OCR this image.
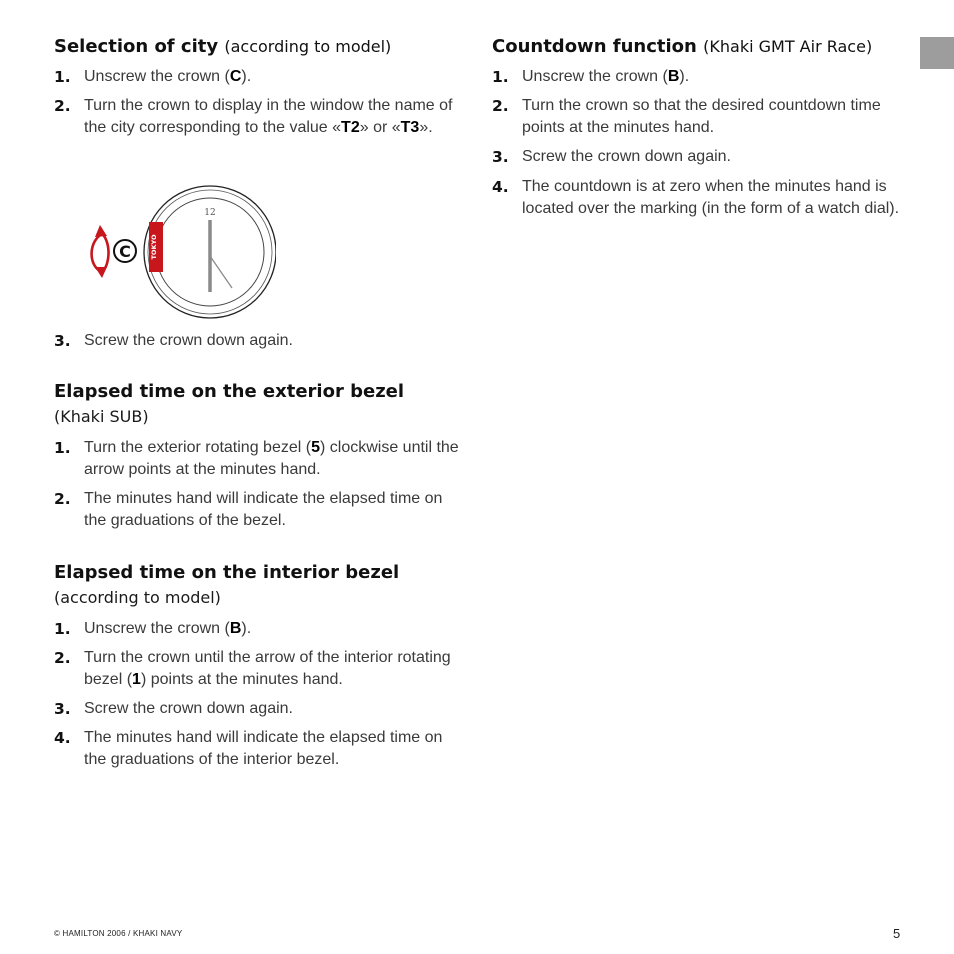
Selection of city (according to model)
1. Unscrew the crown (C).
2. Turn the crown to display in the window the name of the city corresponding to the value «T2» or «T3».
3. Screw the crown down again.
Elapsed time on the exterior bezel
(Khaki SUB)
1. Turn the exterior rotating bezel (5) clockwise until the arrow points at the minutes hand.
2. The minutes hand will indicate the elapsed time on the graduations of the bezel.
Elapsed time on the interior bezel
(according to model)
1. Unscrew the crown (B).
2. Turn the crown until the arrow of the interior rotating bezel (1) points at the minutes hand.
3. Screw the crown down again.
4. The minutes hand will indicate the elapsed time on the graduations of the interior bezel.
C	TOKYO
12
Countdown function (Khaki GMT Air Race)
1. Unscrew the crown (B).
2. Turn the crown so that the desired countdown time points at the minutes hand.
3. Screw the crown down again.
4. The countdown is at zero when the minutes hand is located over the marking (in the form of a watch dial).
© HAMILTON 2006 / KHAKI NAVY	5
